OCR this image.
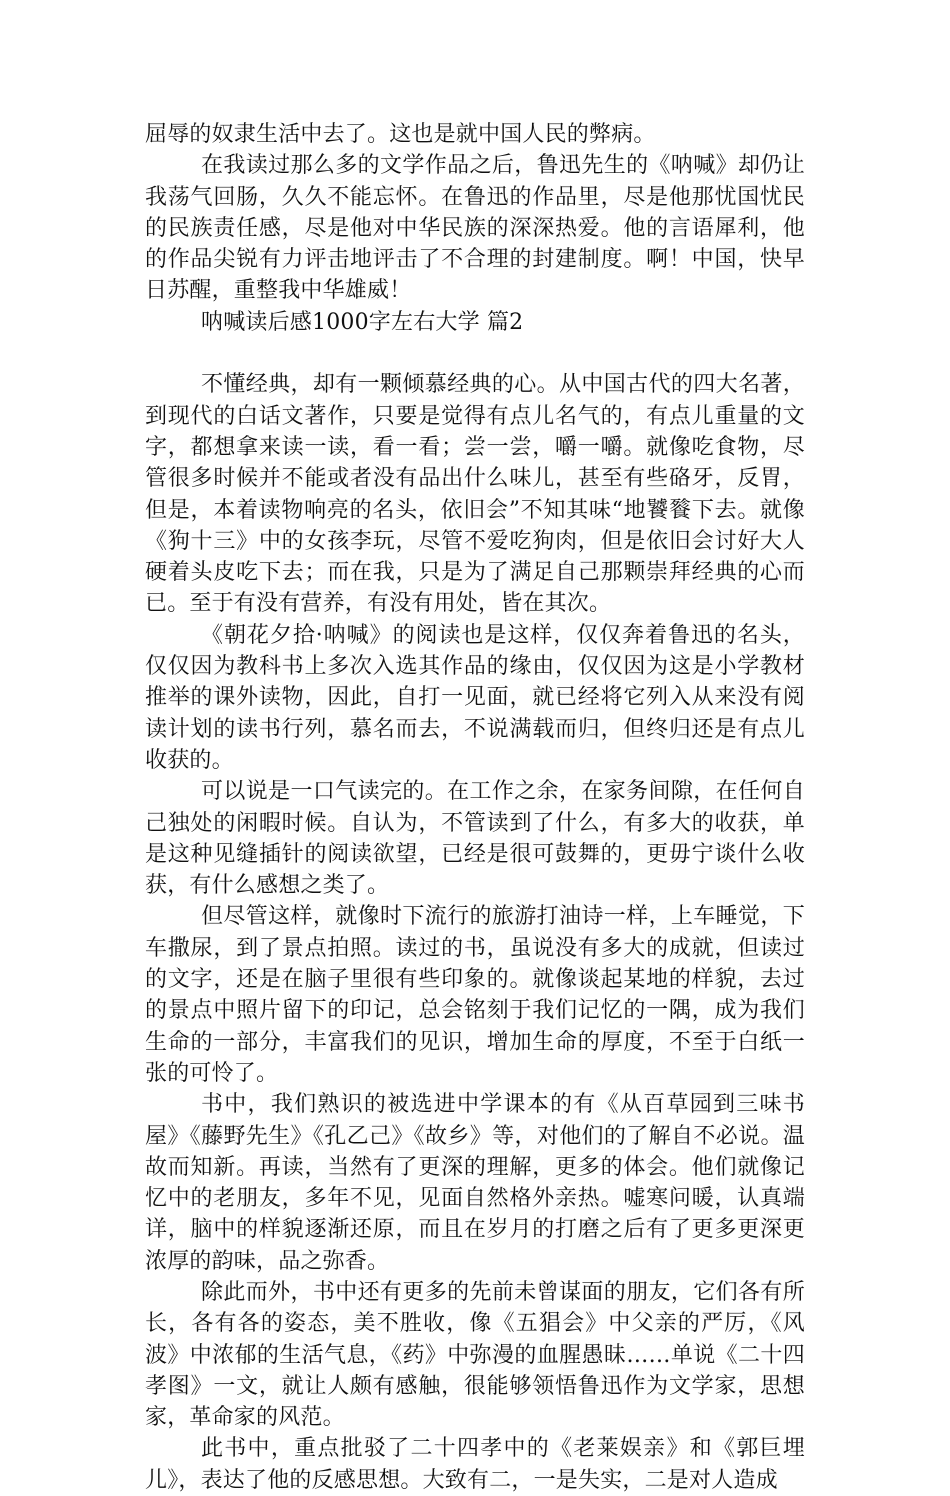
屈辱的奴隶生活中去了。这也是就中国人民的弊病。

在我读过那么多的文学作品之后，鲁迅先生的《呐喊》却仍让我荡气回肠，久久不能忘怀。在鲁迅的作品里，尽是他那忧国忧民的民族责任感，尽是他对中华民族的深深热爱。他的言语犀利，他的作品尖锐有力评击地评击了不合理的封建制度。啊！中国，快早日苏醒，重整我中华雄威！

呐喊读后感1000字左右大学 篇2

不懂经典，却有一颗倾慕经典的心。从中国古代的四大名著，到现代的白话文著作，只要是觉得有点儿名气的，有点儿重量的文字，都想拿来读一读，看一看；尝一尝，嚼一嚼。就像吃食物，尽管很多时候并不能或者没有品出什么味儿，甚至有些硌牙，反胃，但是，本着读物响亮的名头，依旧会”不知其味“地饕餮下去。就像《狗十三》中的女孩李玩，尽管不爱吃狗肉，但是依旧会讨好大人硬着头皮吃下去；而在我，只是为了满足自己那颗崇拜经典的心而已。至于有没有营养，有没有用处，皆在其次。

《朝花夕拾·呐喊》的阅读也是这样，仅仅奔着鲁迅的名头，仅仅因为教科书上多次入选其作品的缘由，仅仅因为这是小学教材推举的课外读物，因此，自打一见面，就已经将它列入从来没有阅读计划的读书行列，慕名而去，不说满载而归，但终归还是有点儿收获的。

可以说是一口气读完的。在工作之余，在家务间隙，在任何自己独处的闲暇时候。自认为，不管读到了什么，有多大的收获，单是这种见缝插针的阅读欲望，已经是很可鼓舞的，更毋宁谈什么收获，有什么感想之类了。

但尽管这样，就像时下流行的旅游打油诗一样，上车睡觉，下车撒尿，到了景点拍照。读过的书，虽说没有多大的成就，但读过的文字，还是在脑子里很有些印象的。就像谈起某地的样貌，去过的景点中照片留下的印记，总会铭刻于我们记忆的一隅，成为我们生命的一部分，丰富我们的见识，增加生命的厚度，不至于白纸一张的可怜了。

书中，我们熟识的被选进中学课本的有《从百草园到三味书屋》《藤野先生》《孔乙己》《故乡》等，对他们的了解自不必说。温故而知新。再读，当然有了更深的理解，更多的体会。他们就像记忆中的老朋友，多年不见，见面自然格外亲热。嘘寒问暖，认真端详，脑中的样貌逐渐还原，而且在岁月的打磨之后有了更多更深更浓厚的韵味，品之弥香。

除此而外，书中还有更多的先前未曾谋面的朋友，它们各有所长，各有各的姿态，美不胜收，像《五猖会》中父亲的严厉，《风波》中浓郁的生活气息，《药》中弥漫的血腥愚昧……单说《二十四孝图》一文，就让人颇有感触，很能够领悟鲁迅作为文学家，思想家，革命家的风范。

此书中，重点批驳了二十四孝中的《老莱娱亲》和《郭巨埋儿》，表达了他的反感思想。大致有二，一是失实，二是对人造成
